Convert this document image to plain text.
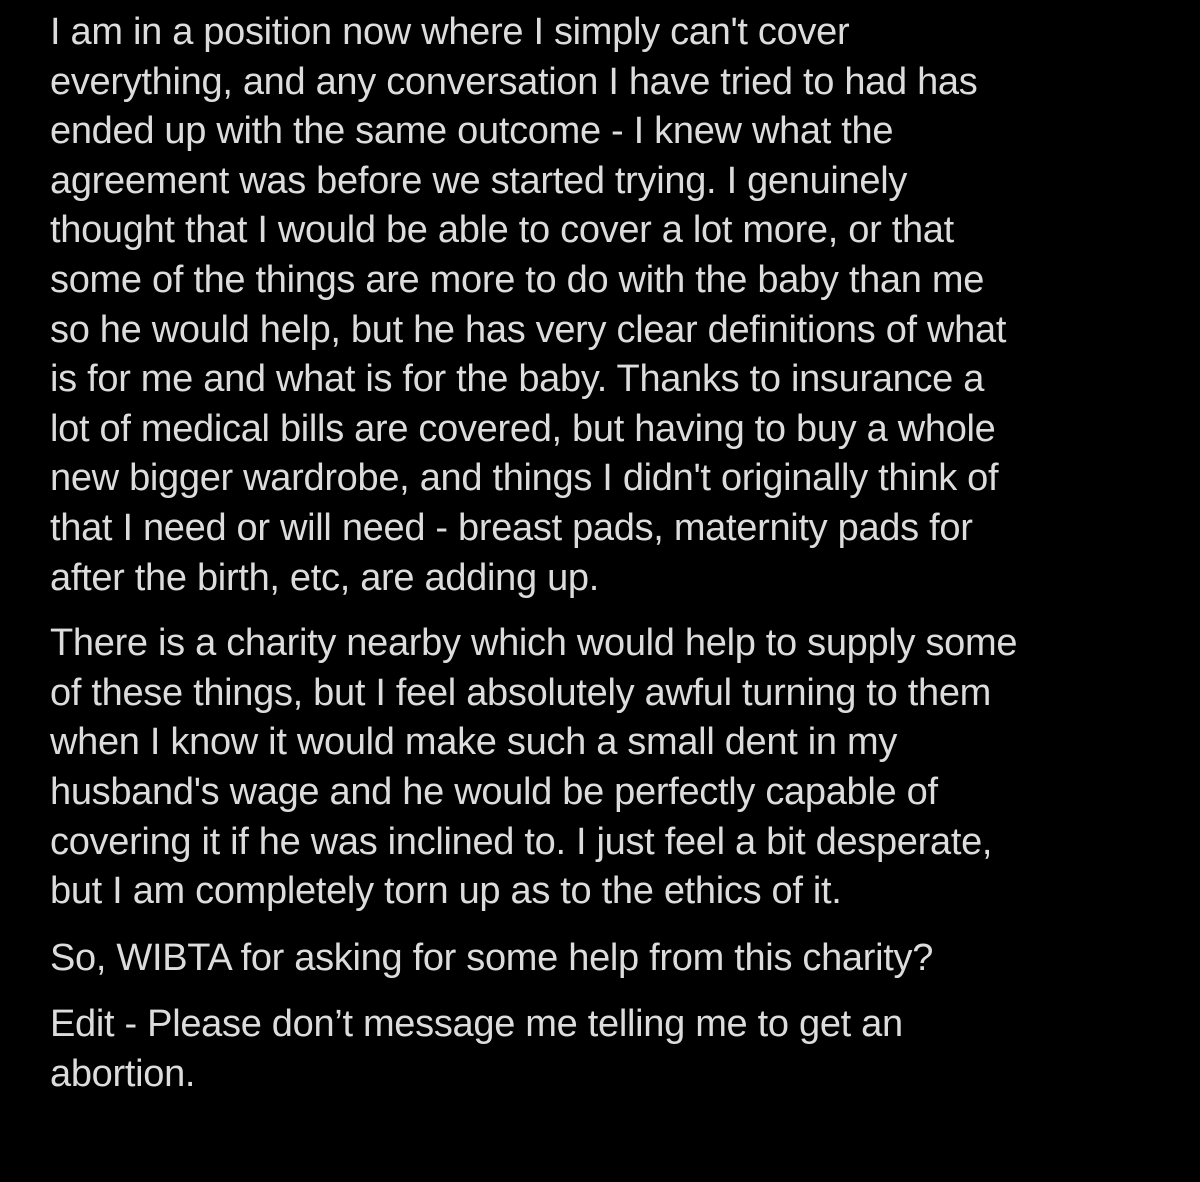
I am in a position now where I simply can't cover
everything, and any conversation I have tried to had has
ended up with the same outcome - I knew what the
agreement was before we started trying. I genuinely
thought that I would be able to cover a lot more, or that
some of the things are more to do with the baby than me
so he would help, but he has very clear definitions of what
is for me and what is for the baby. Thanks to insurance a
lot of medical bills are covered, but having to buy a whole
new bigger wardrobe, and things I didn't originally think of
that I need or will need - breast pads, maternity pads for
after the birth, etc, are adding up.
There is a charity nearby which would help to supply some
of these things, but I feel absolutely awful turning to them
when I know it would make such a small dent in my
husband's wage and he would be perfectly capable of
covering it if he was inclined to. I just feel a bit desperate,
but I am completely torn up as to the ethics of it.
So, WIBTA for asking for some help from this charity?
Edit - Please don’t message me telling me to get an
abortion.
